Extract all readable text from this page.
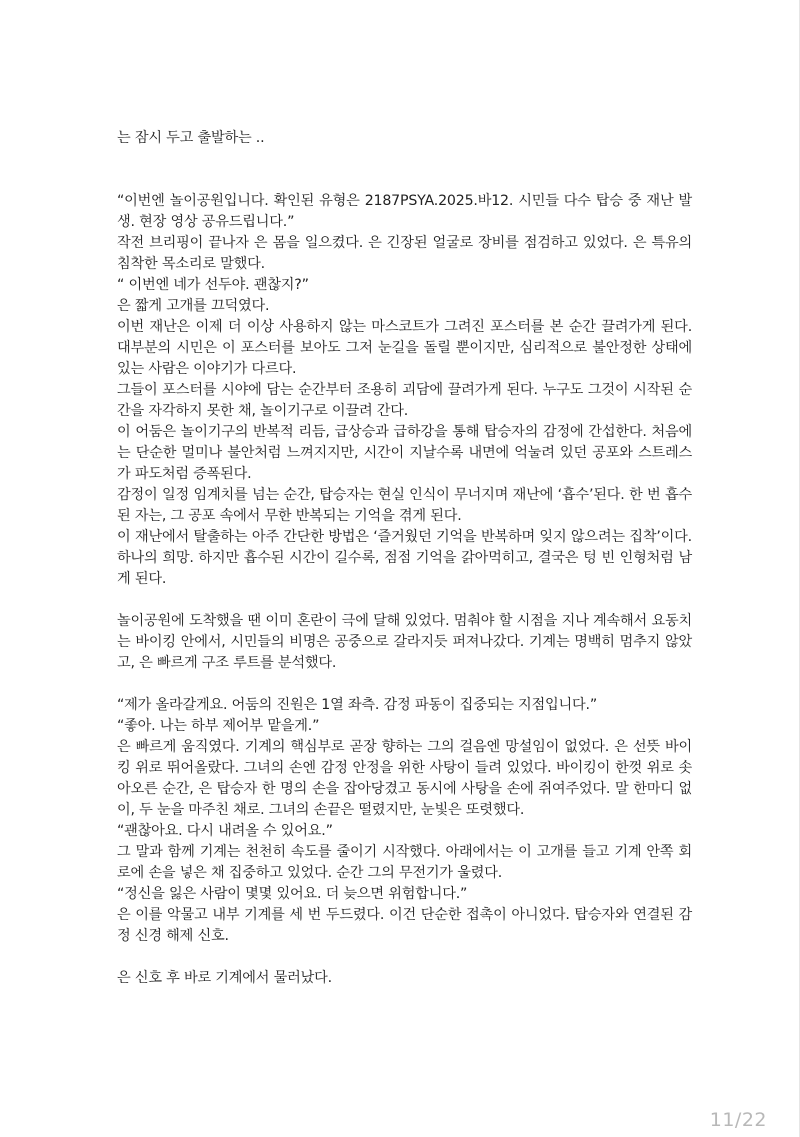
는 잠시 두고 출발하는 ..

“이번엔 놀이공원입니다. 확인된 유형은 2187PSYA.2025.바12. 시민들 다수 탑승 중 재난 발생. 현장 영상 공유드립니다.”

작전 브리핑이 끝나자 은 몸을 일으켰다. 은 긴장된 얼굴로 장비를 점검하고 있었다. 은 특유의 침착한 목소리로 말했다.

“ 이번엔 네가 선두야. 괜찮지?”

은 짧게 고개를 끄덕였다.

이번 재난은 이제 더 이상 사용하지 않는 마스코트가 그려진 포스터를 본 순간 끌려가게 된다. 대부분의 시민은 이 포스터를 보아도 그저 눈길을 돌릴 뿐이지만, 심리적으로 불안정한 상태에 있는 사람은 이야기가 다르다.

그들이 포스터를 시야에 담는 순간부터 조용히 괴담에 끌려가게 된다. 누구도 그것이 시작된 순간을 자각하지 못한 채, 놀이기구로 이끌려 간다.

이 어둠은 놀이기구의 반복적 리듬, 급상승과 급하강을 통해 탑승자의 감정에 간섭한다. 처음에는 단순한 멀미나 불안처럼 느껴지지만, 시간이 지날수록 내면에 억눌려 있던 공포와 스트레스가 파도처럼 증폭된다.

감정이 일정 임계치를 넘는 순간, 탑승자는 현실 인식이 무너지며 재난에 ‘흡수’된다. 한 번 흡수된 자는, 그 공포 속에서 무한 반복되는 기억을 겪게 된다.

이 재난에서 탈출하는 아주 간단한 방법은 ‘즐거웠던 기억을 반복하며 잊지 않으려는 집착’이다. 하나의 희망. 하지만 흡수된 시간이 길수록, 점점 기억을 갉아먹히고, 결국은 텅 빈 인형처럼 남게 된다.

놀이공원에 도착했을 땐 이미 혼란이 극에 달해 있었다. 멈춰야 할 시점을 지나 계속해서 요동치는 바이킹 안에서, 시민들의 비명은 공중으로 갈라지듯 퍼져나갔다. 기계는 명백히 멈추지 않았고, 은 빠르게 구조 루트를 분석했다.

“제가 올라갈게요. 어둠의 진원은 1열 좌측. 감정 파동이 집중되는 지점입니다.”

“좋아. 나는 하부 제어부 맡을게.”

은 빠르게 움직였다. 기계의 핵심부로 곧장 향하는 그의 걸음엔 망설임이 없었다. 은 선뜻 바이킹 위로 뛰어올랐다. 그녀의 손엔 감정 안정을 위한 사탕이 들려 있었다. 바이킹이 한껏 위로 솟아오른 순간, 은 탑승자 한 명의 손을 잡아당겼고 동시에 사탕을 손에 쥐여주었다. 말 한마디 없이, 두 눈을 마주친 채로. 그녀의 손끝은 떨렸지만, 눈빛은 또렷했다.

“괜찮아요. 다시 내려올 수 있어요.”

그 말과 함께 기계는 천천히 속도를 줄이기 시작했다. 아래에서는 이 고개를 들고 기계 안쪽 회로에 손을 넣은 채 집중하고 있었다. 순간 그의 무전기가 울렸다.

“정신을 잃은 사람이 몇몇 있어요. 더 늦으면 위험합니다.”

은 이를 악물고 내부 기계를 세 번 두드렸다. 이건 단순한 접촉이 아니었다. 탑승자와 연결된 감정 신경 해제 신호.

은 신호 후 바로 기계에서 물러났다.

11/22
